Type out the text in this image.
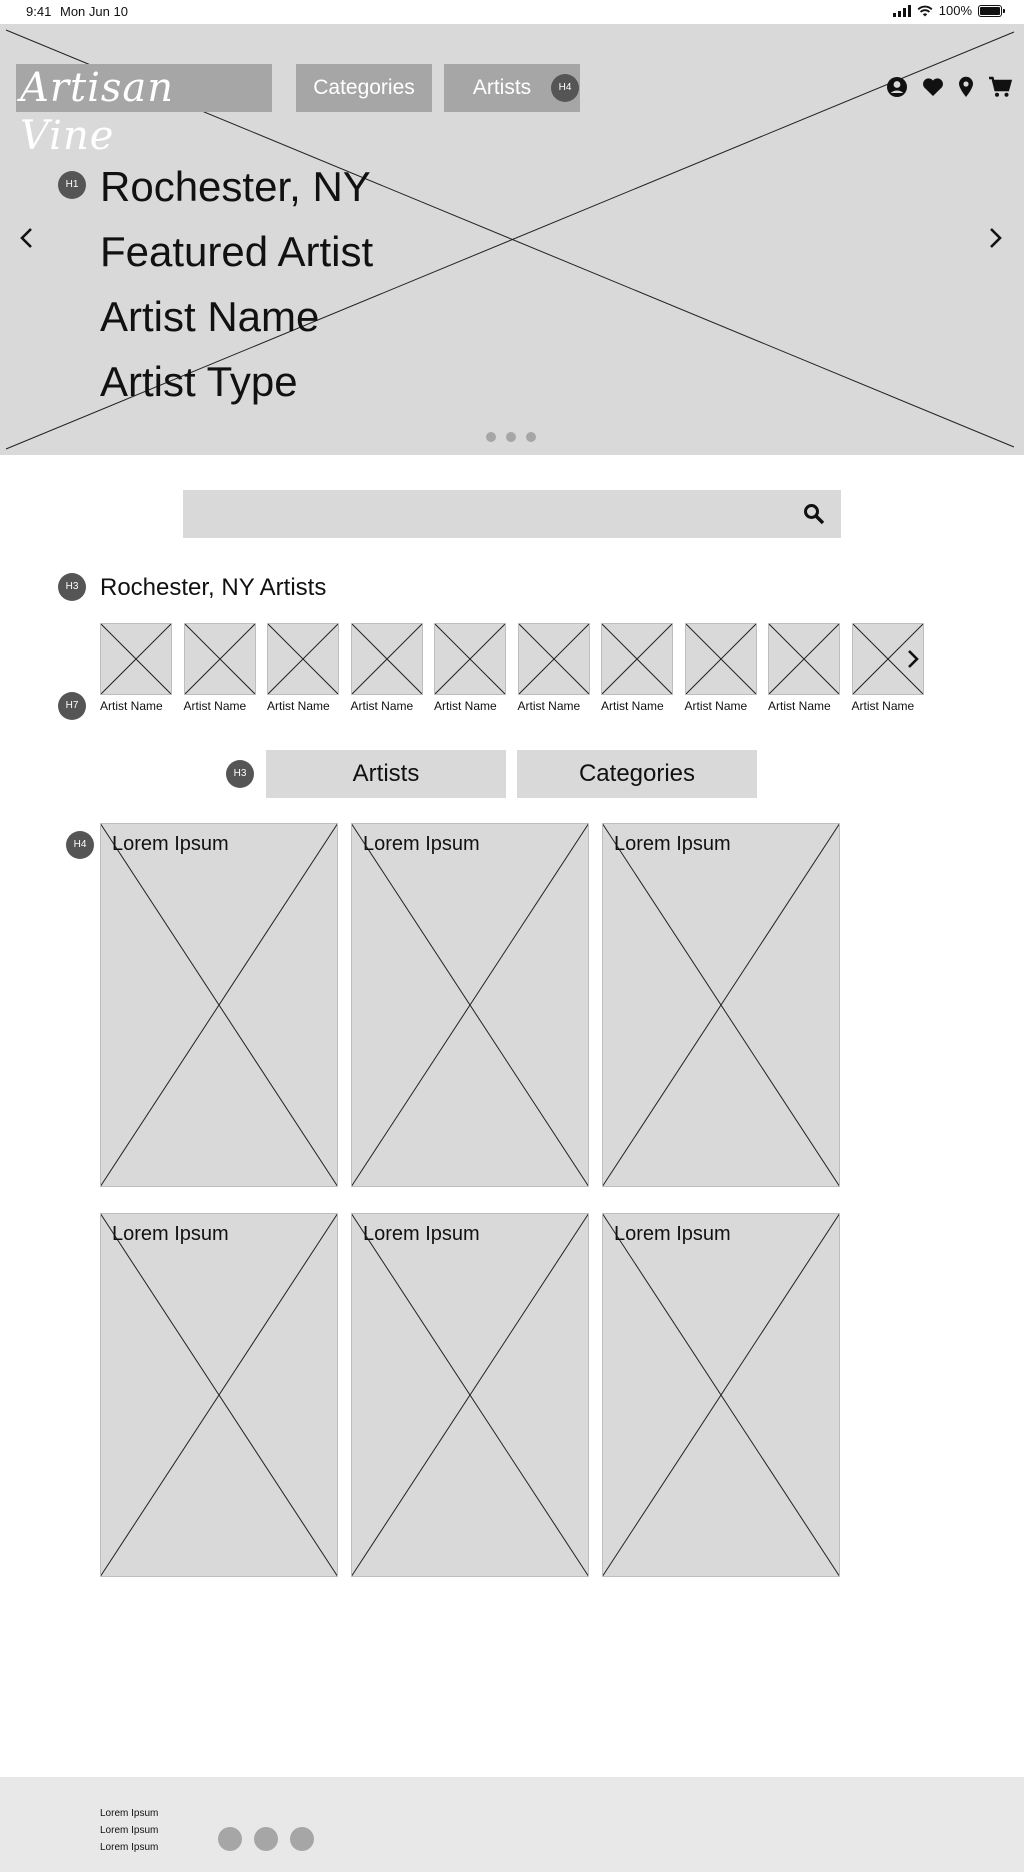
9:41 Mon Jun 10	100%
Artisan Vine
Categories	Artists	H4
H1 Rochester, NY
Featured Artist
Artist Name
Artist Type
H3 Rochester, NY Artists
H7	Artist Name Artist Name Artist Name Artist Name Artist Name Artist Name Artist Name Artist Name Artist Name Artist Name
H3	Artists	Categories
H4	Lorem Ipsum	Lorem Ipsum	Lorem Ipsum
Lorem Ipsum	Lorem Ipsum	Lorem Ipsum
Lorem Ipsum
Lorem Ipsum
Lorem Ipsum
